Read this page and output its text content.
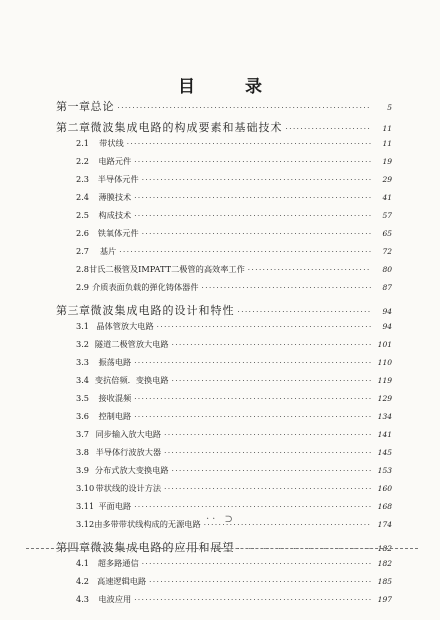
目 录
第一章 总论 ·····	5
第二章 微波集成电路的构成要素和基础技术 ·····	11
2.1	带状线 ·····	11
2.2	电路元件 ·····	19
2.3	半导体元件 ·····	29
2.4	薄膜技术 ·····	41
2.5	构成技术 ·····	57
2.6	铁氧体元件 ·····	65
2.7	基片 ·····	72
2.8 甘氏二极管及IMPATT二极管的高效率工作 ·····	80
2.9 介质表面负载的弹化铸体器件 ·····	87
第三章 微波集成电路的设计和特性 ·····	94
3.1 晶体管放大电路 ·····	94
3.2 隧道二极管放大电路 ·····	101
3.3	振荡电路 ·····	110
3.4 变抗倍频．变换电路 ·····	119
3.5	接收混频 ·····	129
3.6	控制电路 ·····	134
3.7 同步输入放大电路 ·····	141
3.8 半导体行波放大器 ·····	145
3.9 分布式放大变换电路 ·····	153
3.10 带状线的设计方法 ·····	160
3.11 平面电路 ·····	168
3.12 由多带带状线构成的无源电路 ·····	174
第四章 微波集成电路的应用和展望 ·····	182
4.1	超多路通信 ·····	182
4.2 高速逻辑电路 ·····	185
4.3	电波应用 ·····	197
·· ⊃
